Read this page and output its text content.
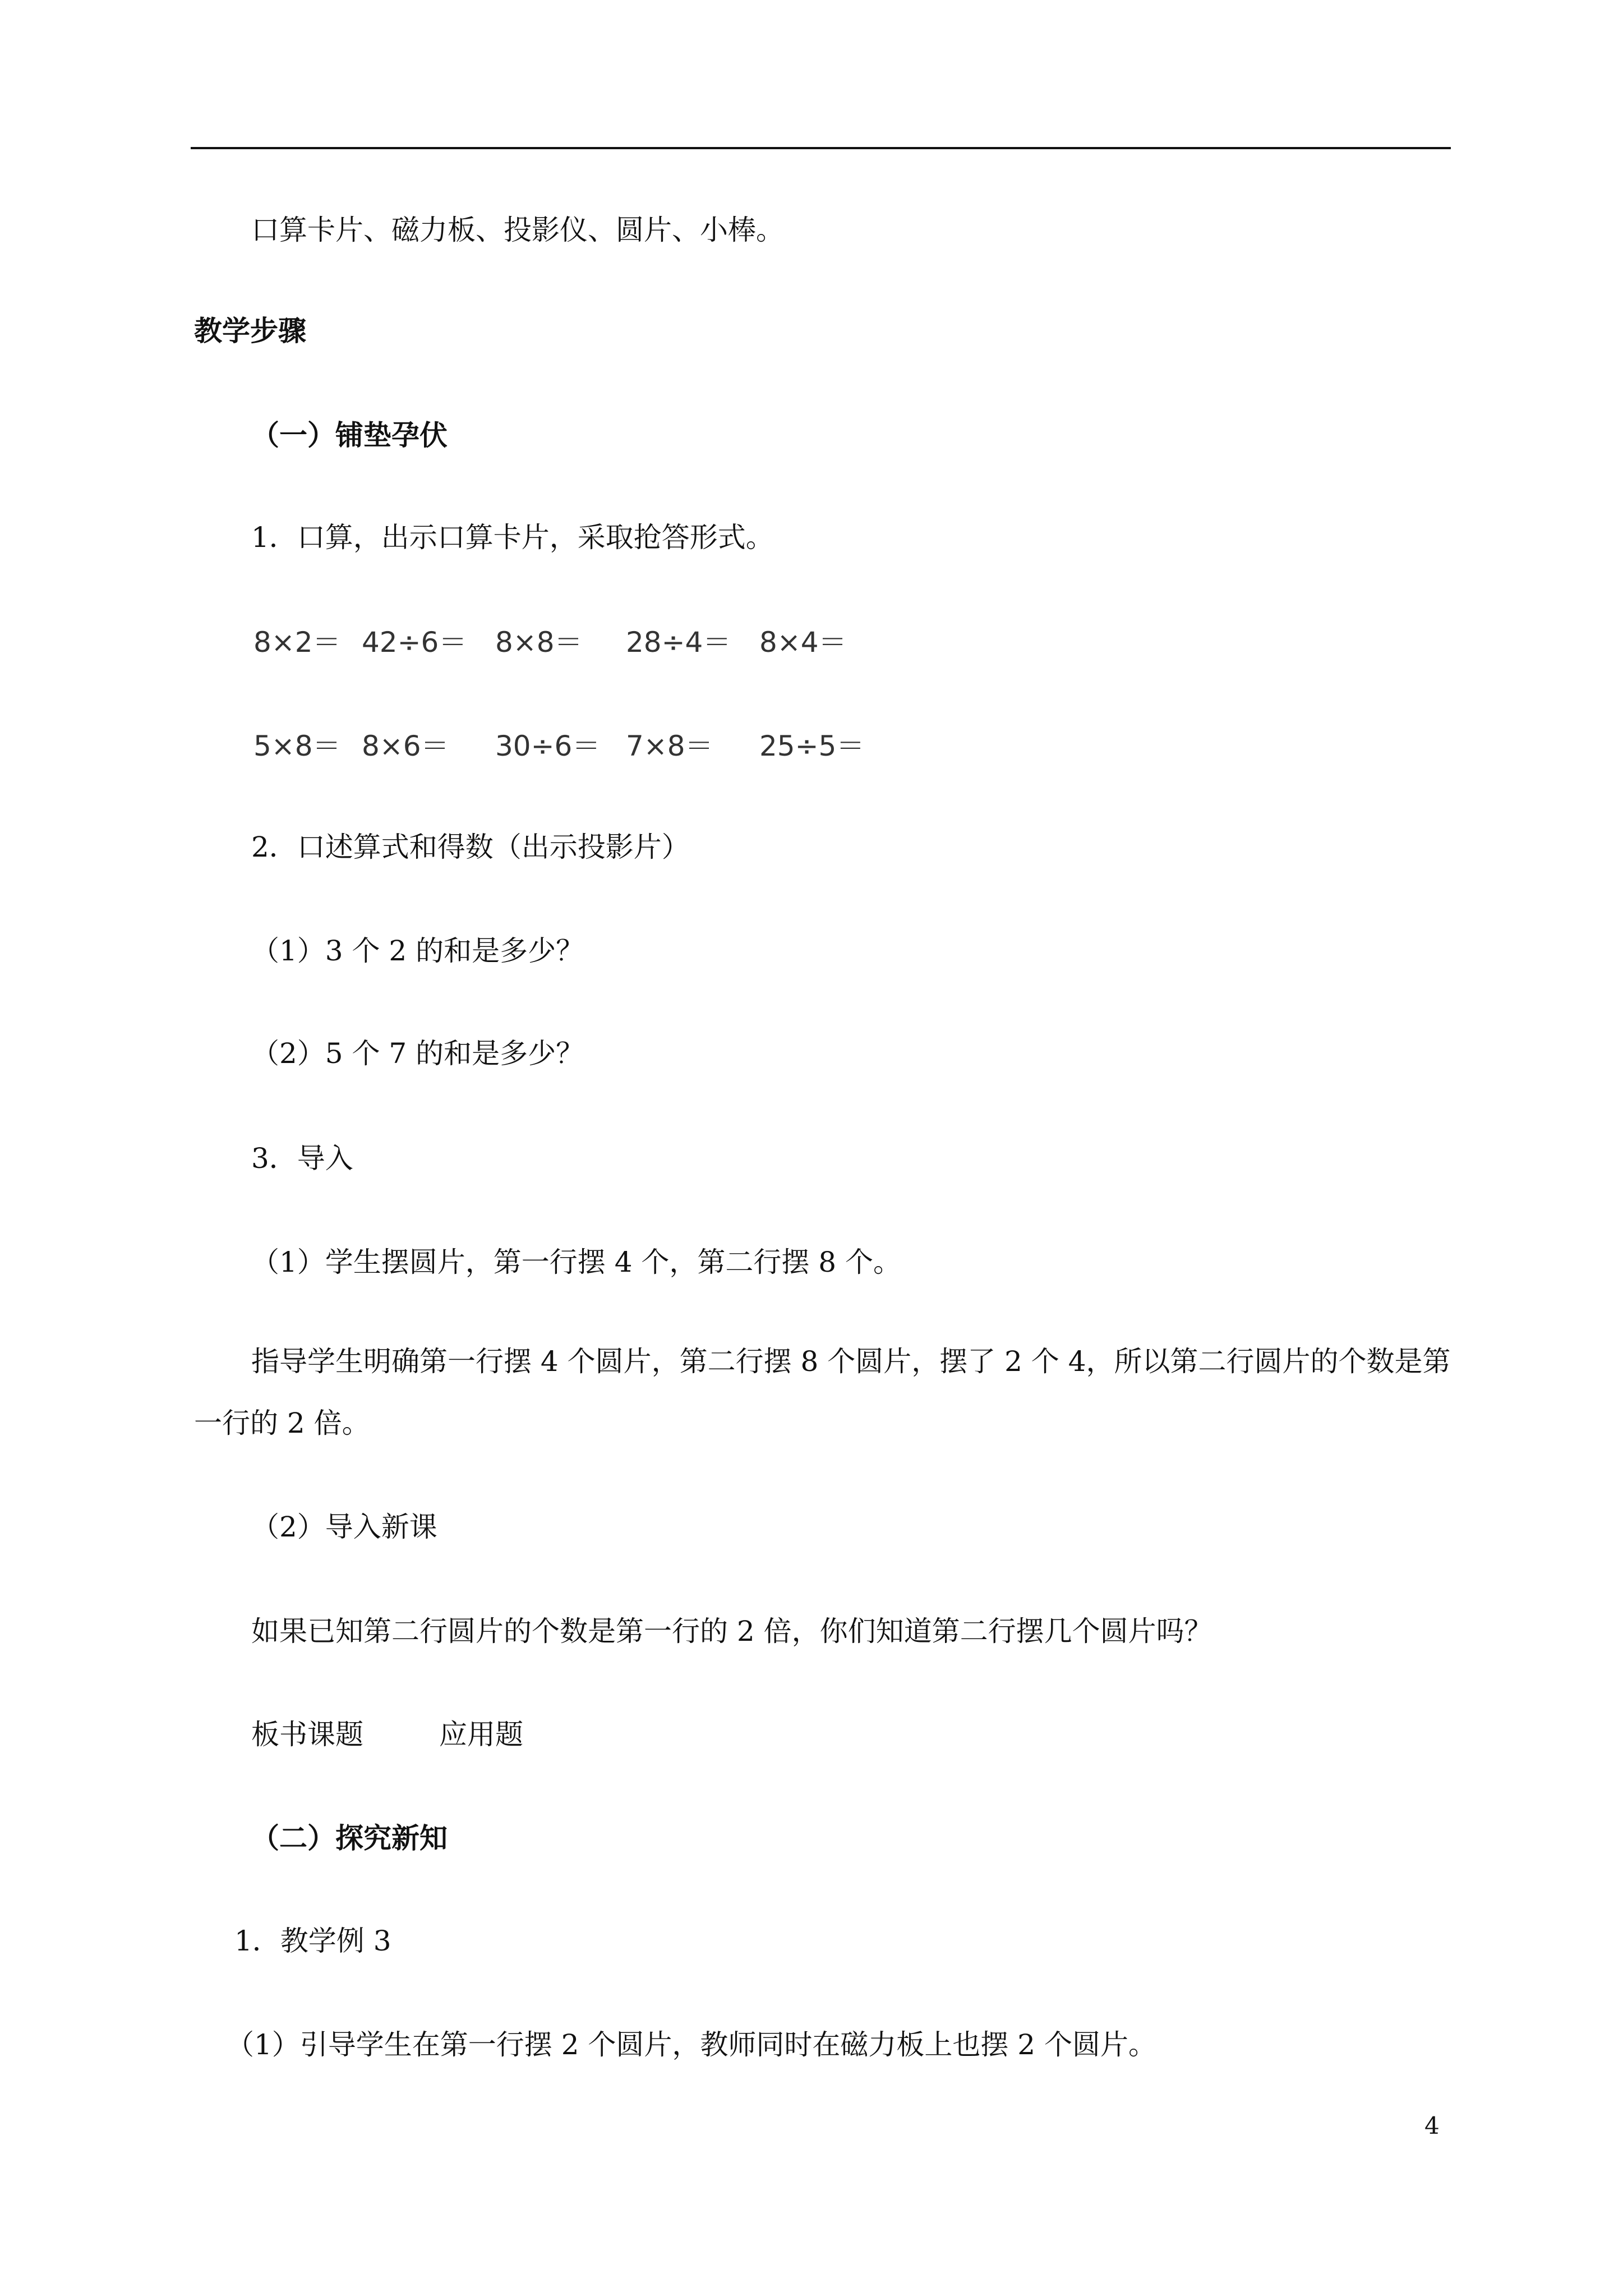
口算卡片、磁力板、投影仪、圆片、小棒。
教学步骤
（一）铺垫孕伏
1．口算，出示口算卡片，采取抢答形式。
8×2＝ 42÷6＝ 8×8＝ 28÷4＝ 8×4＝
5×8＝ 8×6＝ 30÷6＝ 7×8＝ 25÷5＝
2．口述算式和得数（出示投影片）
（1）3 个 2 的和是多少？
（2）5 个 7 的和是多少？
3．导入
（1）学生摆圆片，第一行摆 4 个，第二行摆 8 个。
指导学生明确第一行摆 4 个圆片，第二行摆 8 个圆片，摆了 2 个 4，所以第二行圆片的个数是第一行的 2 倍。
（2）导入新课
如果已知第二行圆片的个数是第一行的 2 倍，你们知道第二行摆几个圆片吗？
板书课题	应用题
（二）探究新知
1．教学例 3
（1）引导学生在第一行摆 2 个圆片，教师同时在磁力板上也摆 2 个圆片。
4
